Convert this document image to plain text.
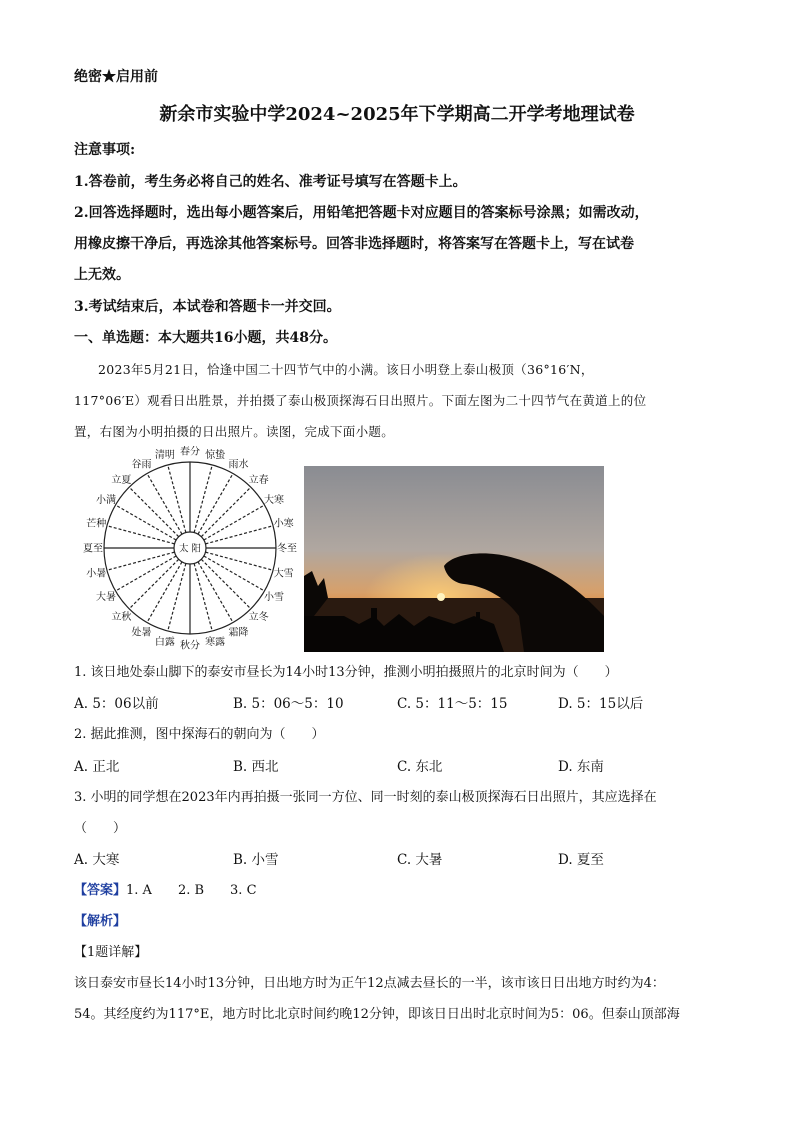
绝密★启用前
新余市实验中学2024~2025年下学期高二开学考地理试卷
注意事项:
1.答卷前，考生务必将自己的姓名、准考证号填写在答题卡上。
2.回答选择题时，选出每小题答案后，用铅笔把答题卡对应题目的答案标号涂黑；如需改动，
用橡皮擦干净后，再选涂其他答案标号。回答非选择题时，将答案写在答题卡上，写在试卷
上无效。
3.考试结束后，本试卷和答题卡一并交回。
一、单选题：本大题共16小题，共48分。
2023年5月21日，恰逢中国二十四节气中的小满。该日小明登上泰山极顶（36°16′N，
117°06′E）观看日出胜景，并拍摄了泰山极顶探海石日出照片。下面左图为二十四节气在黄道上的位
置，右图为小明拍摄的日出照片。读图，完成下面小题。
春分 惊蛰
雨水
立春
大寒
小寒
冬至
大雪
小雪
立冬
霜降
寒露
秋分
白露
处暑
立秋
大暑
小暑
夏至
芒种
小满
立夏
谷雨
清明
太 阳
1. 该日地处泰山脚下的泰安市昼长为14小时13分钟，推测小明拍摄照片的北京时间为（　　）
A. 5：06以前	B. 5：06～5：10	C. 5：11～5：15	D. 5：15以后
2. 据此推测，图中探海石的朝向为（　　）
A. 正北	B. 西北	C. 东北	D. 东南
3. 小明的同学想在2023年内再拍摄一张同一方位、同一时刻的泰山极顶探海石日出照片，其应选择在
（　　）
A. 大寒	B. 小雪	C. 大暑	D. 夏至
【答案】1. A　　2. B　　3. C
【解析】
【1题详解】
该日泰安市昼长14小时13分钟，日出地方时为正午12点减去昼长的一半，该市该日日出地方时约为4：
54。其经度约为117°E，地方时比北京时间约晚12分钟，即该日日出时北京时间为5：06。但泰山顶部海
